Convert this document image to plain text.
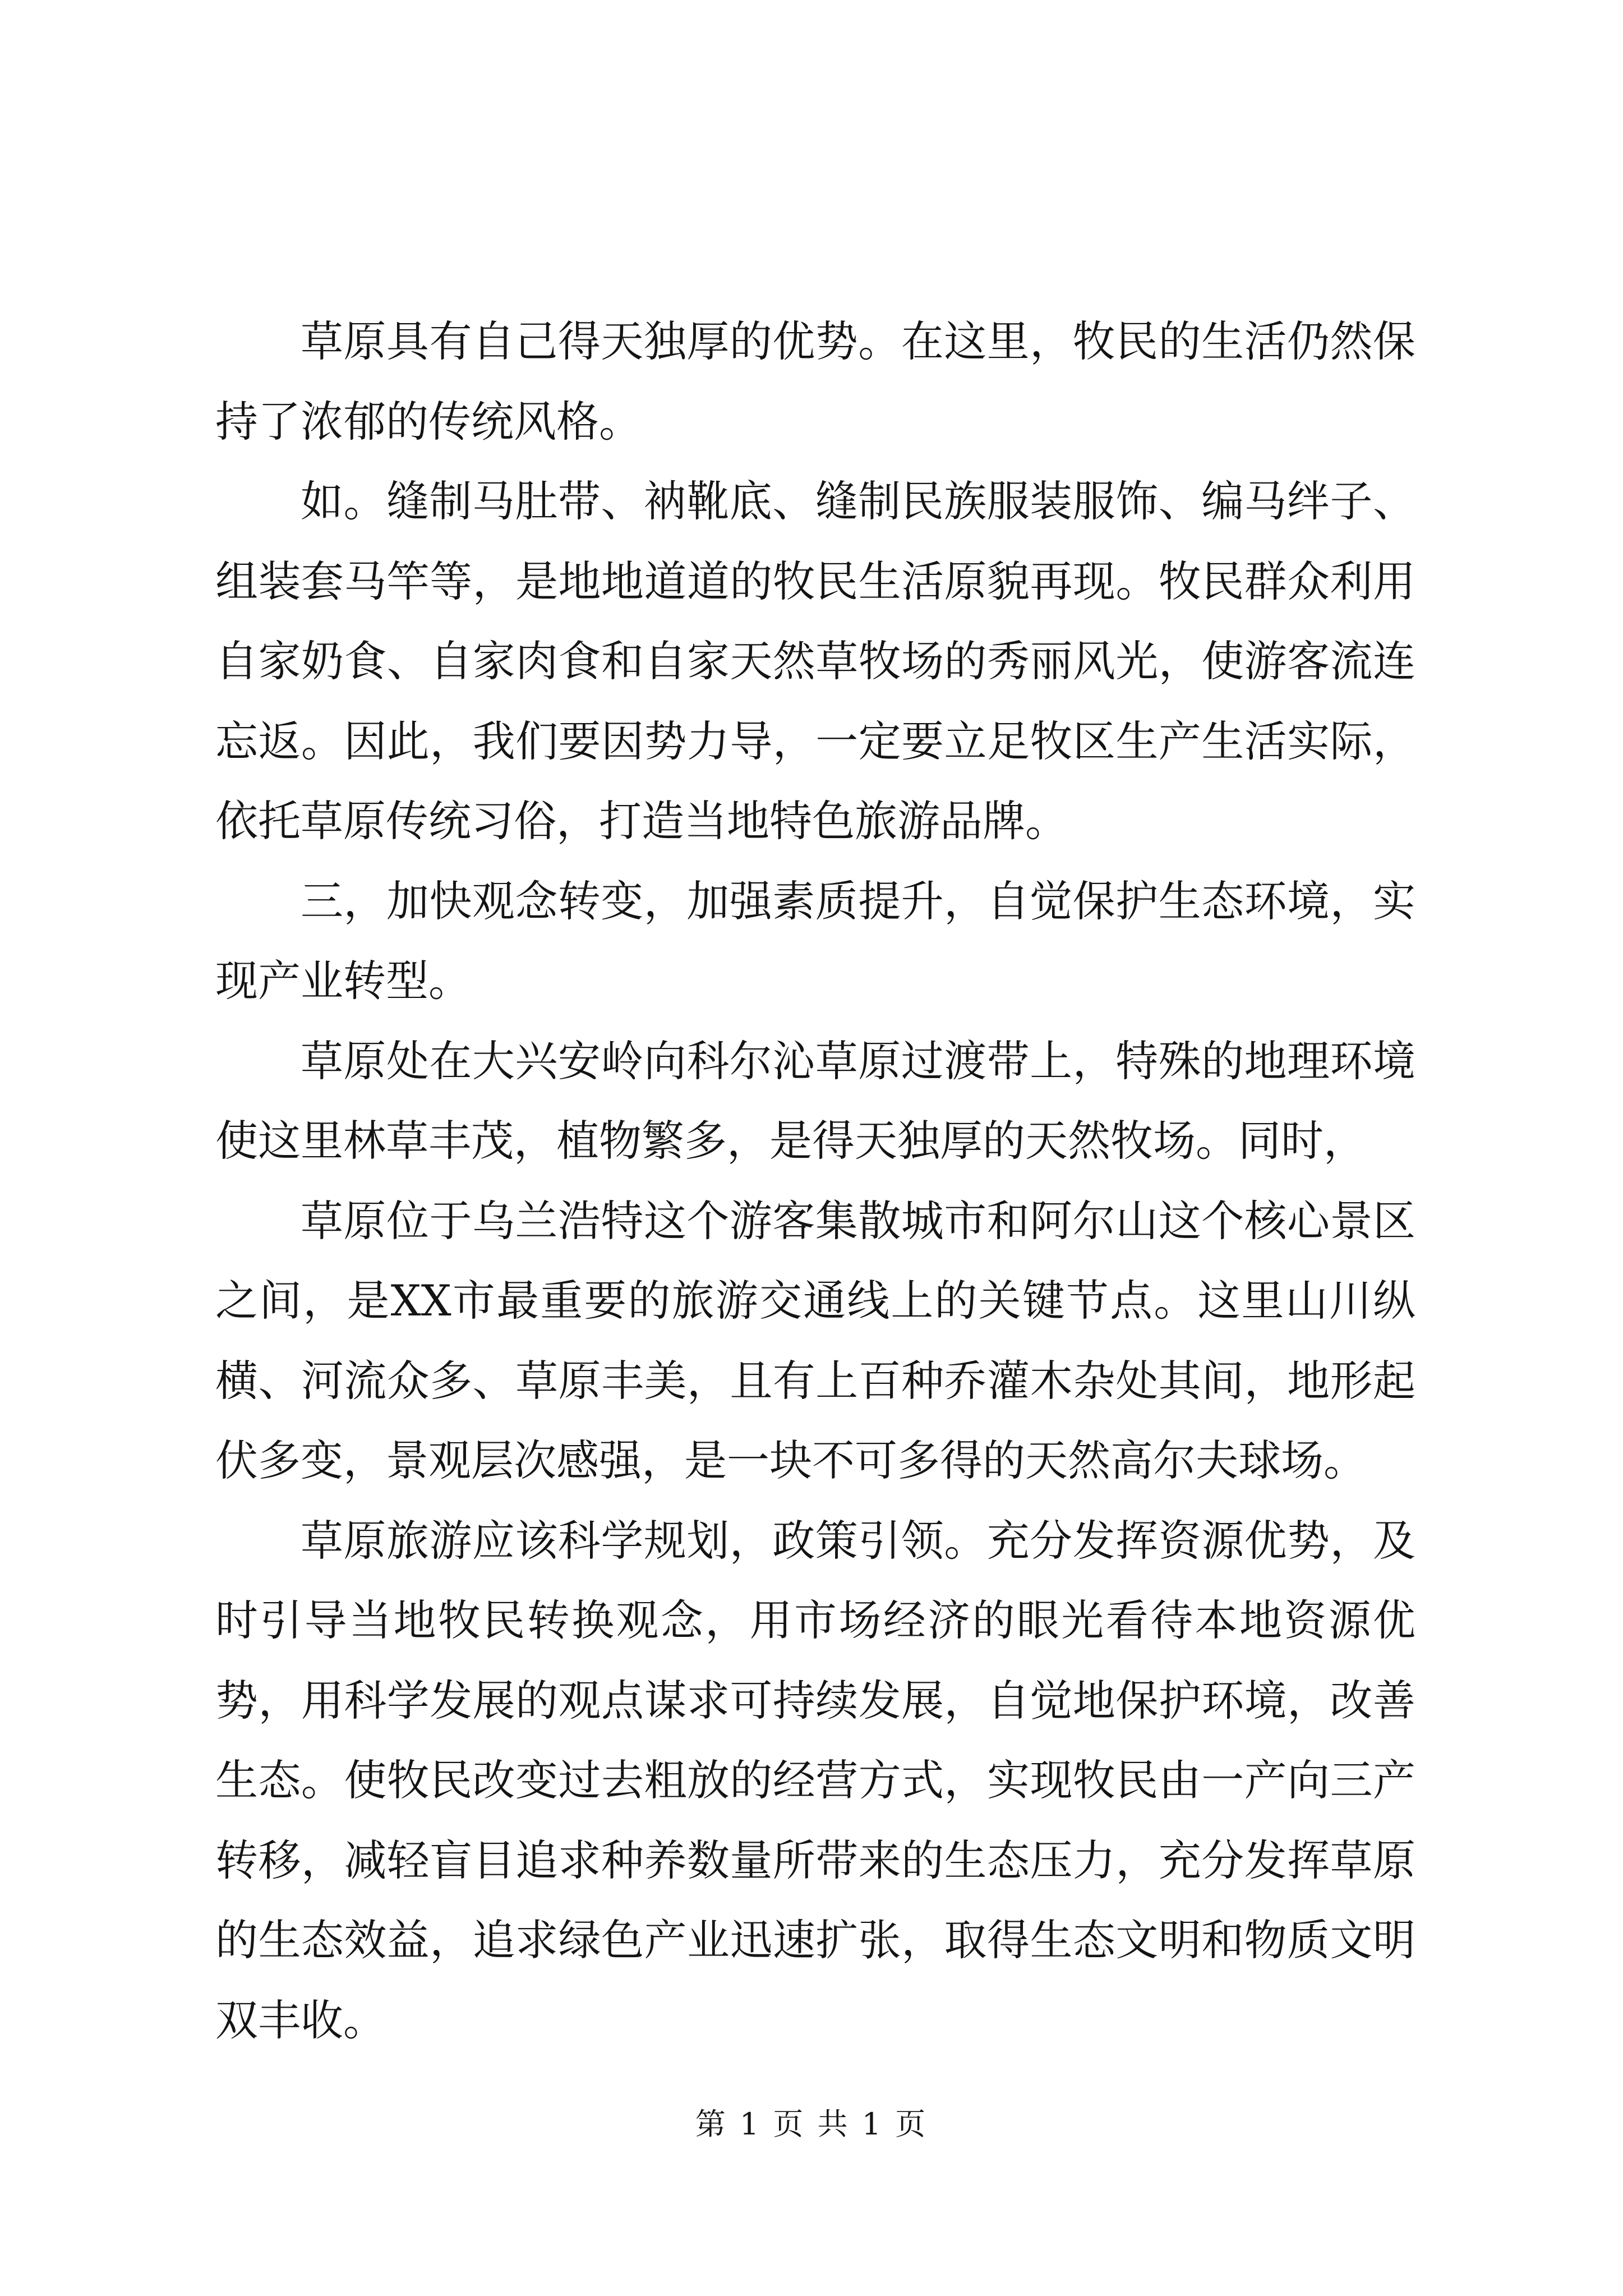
草原具有自己得天独厚的优势。在这里，牧民的生活仍然保持了浓郁的传统风格。

如。缝制马肚带、衲靴底、缝制民族服装服饰、编马绊子、组装套马竿等，是地地道道的牧民生活原貌再现。牧民群众利用自家奶食、自家肉食和自家天然草牧场的秀丽风光，使游客流连忘返。因此，我们要因势力导，一定要立足牧区生产生活实际，依托草原传统习俗，打造当地特色旅游品牌。

三，加快观念转变，加强素质提升，自觉保护生态环境，实现产业转型。

草原处在大兴安岭向科尔沁草原过渡带上，特殊的地理环境使这里林草丰茂，植物繁多，是得天独厚的天然牧场。同时，

草原位于乌兰浩特这个游客集散城市和阿尔山这个核心景区之间，是XX市最重要的旅游交通线上的关键节点。这里山川纵横、河流众多、草原丰美，且有上百种乔灌木杂处其间，地形起伏多变，景观层次感强，是一块不可多得的天然高尔夫球场。

草原旅游应该科学规划，政策引领。充分发挥资源优势，及时引导当地牧民转换观念，用市场经济的眼光看待本地资源优势，用科学发展的观点谋求可持续发展，自觉地保护环境，改善生态。使牧民改变过去粗放的经营方式，实现牧民由一产向三产转移，减轻盲目追求种养数量所带来的生态压力，充分发挥草原的生态效益，追求绿色产业迅速扩张，取得生态文明和物质文明双丰收。

第 1 页 共 1 页
